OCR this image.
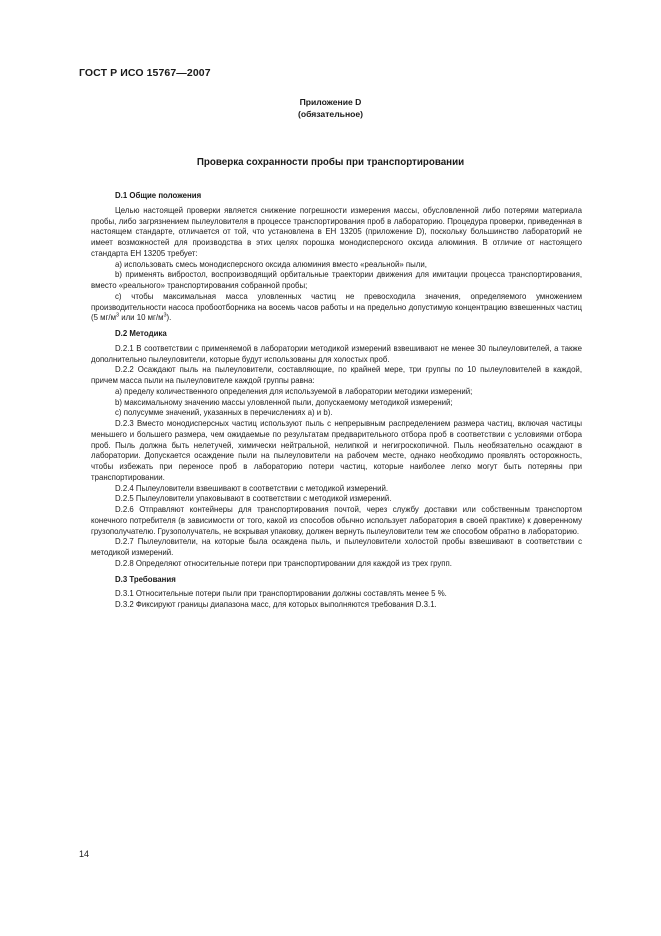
ГОСТ Р ИСО 15767—2007
Приложение D
(обязательное)
Проверка сохранности пробы при транспортировании

D.1 Общие положения

Целью настоящей проверки является снижение погрешности измерения массы, обусловленной либо потерями материала пробы, либо загрязнением пылеуловителя в процессе транспортирования проб в лабораторию. Процедура проверки, приведенная в настоящем стандарте, отличается от той, что установлена в ЕН 13205 (приложение D), поскольку большинство лабораторий не имеет возможностей для производства в этих целях порошка монодисперсного оксида алюминия. В отличие от настоящего стандарта ЕН 13205 требует:

а) использовать смесь монодисперсного оксида алюминия вместо «реальной» пыли,

b) применять вибростол, воспроизводящий орбитальные траектории движения для имитации процесса транспортирования, вместо «реального» транспортирования собранной пробы;

с) чтобы максимальная масса уловленных частиц не превосходила значения, определяемого умножением производительности насоса пробоотборника на восемь часов работы и на предельно допустимую концентрацию взвешенных частиц (5 $мг/м^3$ или 10 $мг/м^3$).

D.2 Методика

D.2.1 В соответствии с применяемой в лаборатории методикой измерений взвешивают не менее 30 пылеуловителей, а также дополнительно пылеуловители, которые будут использованы для холостых проб.

D.2.2 Осаждают пыль на пылеуловители, составляющие, по крайней мере, три группы по 10 пылеуловителей в каждой, причем масса пыли на пылеуловителе каждой группы равна:

а) пределу количественного определения для используемой в лаборатории методики измерений;

b) максимальному значению массы уловленной пыли, допускаемому методикой измерений;

с) полусумме значений, указанных в перечислениях а) и b).

D.2.3 Вместо монодисперсных частиц используют пыль с непрерывным распределением размера частиц, включая частицы меньшего и большего размера, чем ожидаемые по результатам предварительного отбора проб в соответствии с условиями отбора проб. Пыль должна быть нелетучей, химически нейтральной, нелипкой и негигроскопичной. Пыль необязательно осаждают в лаборатории. Допускается осаждение пыли на пылеуловители на рабочем месте, однако необходимо проявлять осторожность, чтобы избежать при переносе проб в лабораторию потери частиц, которые наиболее легко могут быть потеряны при транспортировании.

D.2.4 Пылеуловители взвешивают в соответствии с методикой измерений.

D.2.5 Пылеуловители упаковывают в соответствии с методикой измерений.

D.2.6 Отправляют контейнеры для транспортирования почтой, через службу доставки или собственным транспортом конечного потребителя (в зависимости от того, какой из способов обычно использует лаборатория в своей практике) к доверенному грузополучателю. Грузополучатель, не вскрывая упаковку, должен вернуть пылеуловители тем же способом обратно в лабораторию.

D.2.7 Пылеуловители, на которые была осаждена пыль, и пылеуловители холостой пробы взвешивают в соответствии с методикой измерений.

D.2.8 Определяют относительные потери при транспортировании для каждой из трех групп.

D.3 Требования

D.3.1 Относительные потери пыли при транспортировании должны составлять менее 5 %.

D.3.2 Фиксируют границы диапазона масс, для которых выполняются требования D.3.1.

14
